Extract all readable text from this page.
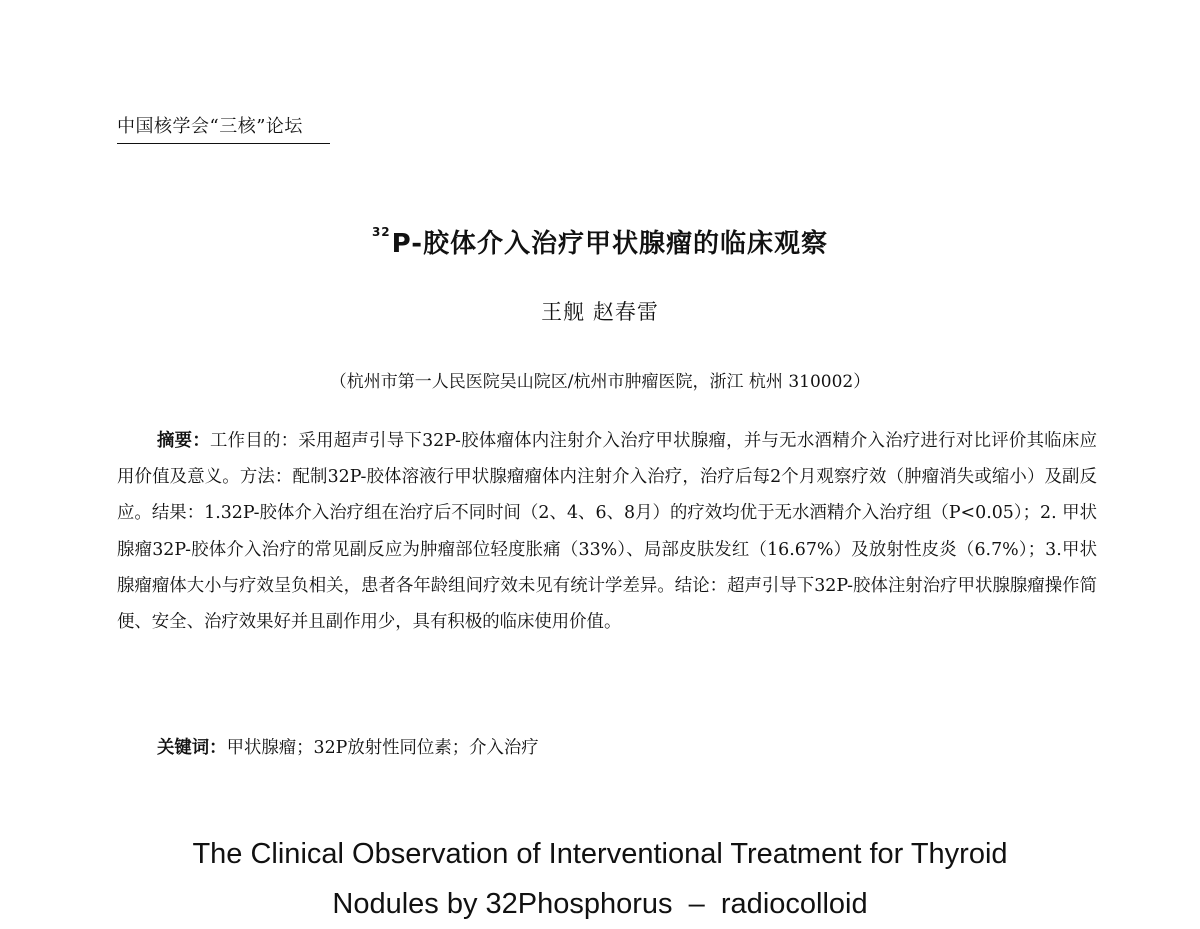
中国核学会“三核”论坛
$^{32}$P-胶体介入治疗甲状腺瘤的临床观察
王舰 赵春雷
（杭州市第一人民医院吴山院区/杭州市肿瘤医院，浙江 杭州 310002）

摘要：工作目的：采用超声引导下32P-胶体瘤体内注射介入治疗甲状腺瘤，并与无水酒精介入治疗进行对比评价其临床应用价值及意义。方法：配制32P-胶体溶液行甲状腺瘤瘤体内注射介入治疗，治疗后每2个月观察疗效（肿瘤消失或缩小）及副反应。结果：1.32P-胶体介入治疗组在治疗后不同时间（2、4、6、8月）的疗效均优于无水酒精介入治疗组（P<0.05）；2. 甲状腺瘤32P-胶体介入治疗的常见副反应为肿瘤部位轻度胀痛（33%）、局部皮肤发红（16.67%）及放射性皮炎（6.7%）；3.甲状腺瘤瘤体大小与疗效呈负相关，患者各年龄组间疗效未见有统计学差异。结论：超声引导下32P-胶体注射治疗甲状腺腺瘤操作简便、安全、治疗效果好并且副作用少，具有积极的临床使用价值。

关键词：甲状腺瘤；32P放射性同位素；介入治疗

The Clinical Observation of Interventional Treatment for Thyroid
Nodules by 32Phosphorus  –  radiocolloid
